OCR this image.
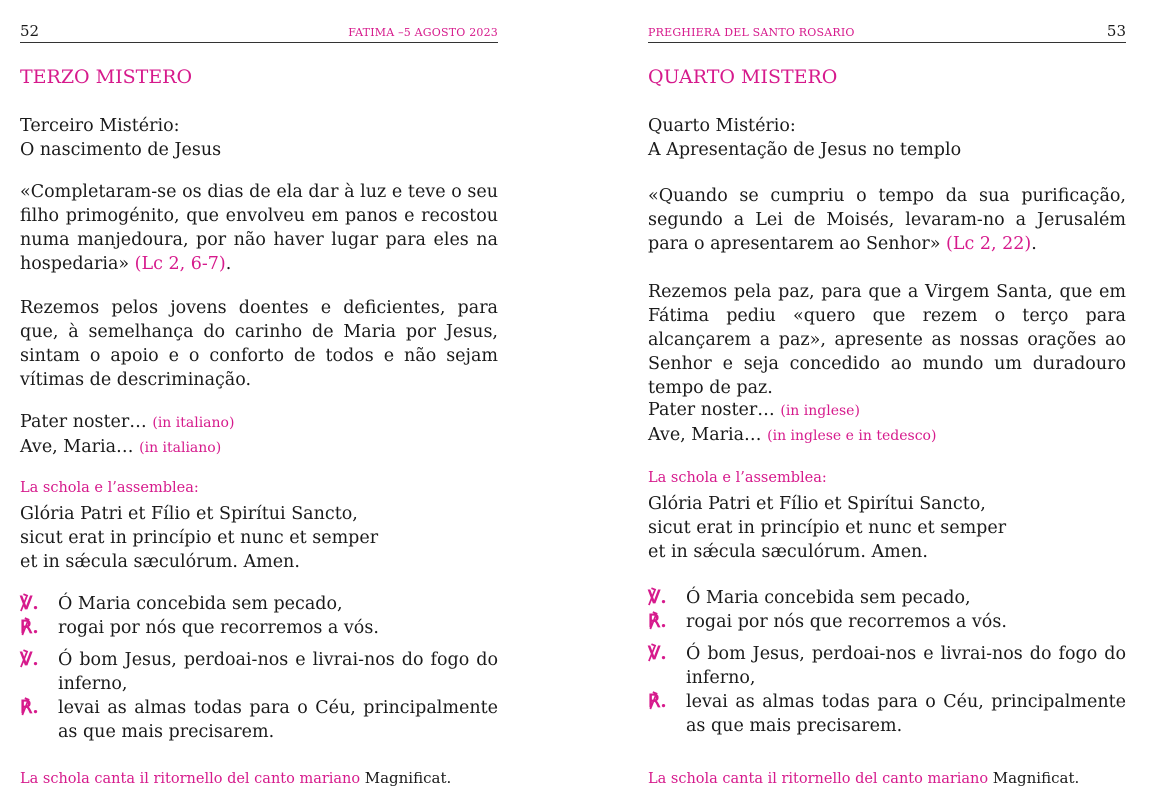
52	FATIMA –5 AGOSTO 2023
TERZO MISTERO

Terceiro Mistério:
O nascimento de Jesus

«Completaram-se os dias de ela dar à luz e teve o seu filho primogénito, que envolveu em panos e recostou numa manjedoura, por não haver lugar para eles na hospedaria» (Lc 2, 6-7).

Rezemos pelos jovens doentes e deficientes, para que, à semelhança do carinho de Maria por Jesus, sintam o apoio e o conforto de todos e não sejam vítimas de descriminação.

Pater noster… (in italiano)
Ave, Maria… (in italiano)

La schola e l’assemblea:

Glória Patri et Fílio et Spirítui Sancto,
sicut erat in princípio et nunc et semper
et in sǽcula sæculórum. Amen.

℣. Ó Maria concebida sem pecado,
℟. rogai por nós que recorremos a vós.
℣. Ó bom Jesus, perdoai-nos e livrai-nos do fogo do inferno,
℟. levai as almas todas para o Céu, principalmente as que mais precisarem.
La schola canta il ritornello del canto mariano Magnificat.
PREGHIERA DEL SANTO ROSARIO	53
QUARTO MISTERO

Quarto Mistério:
A Apresentação de Jesus no templo

«Quando se cumpriu o tempo da sua purificação, segundo a Lei de Moisés, levaram-no a Jerusalém para o apresentarem ao Senhor» (Lc 2, 22).

Rezemos pela paz, para que a Virgem Santa, que em Fátima pediu «quero que rezem o terço para alcançarem a paz», apresente as nossas orações ao Senhor e seja concedido ao mundo um duradouro tempo de paz.

Pater noster… (in inglese)
Ave, Maria… (in inglese e in tedesco)

La schola e l’assemblea:

Glória Patri et Fílio et Spirítui Sancto,
sicut erat in princípio et nunc et semper
et in sǽcula sæculórum. Amen.

℣. Ó Maria concebida sem pecado,
℟. rogai por nós que recorremos a vós.
℣. Ó bom Jesus, perdoai-nos e livrai-nos do fogo do inferno,
℟. levai as almas todas para o Céu, principalmente as que mais precisarem.
La schola canta il ritornello del canto mariano Magnificat.
